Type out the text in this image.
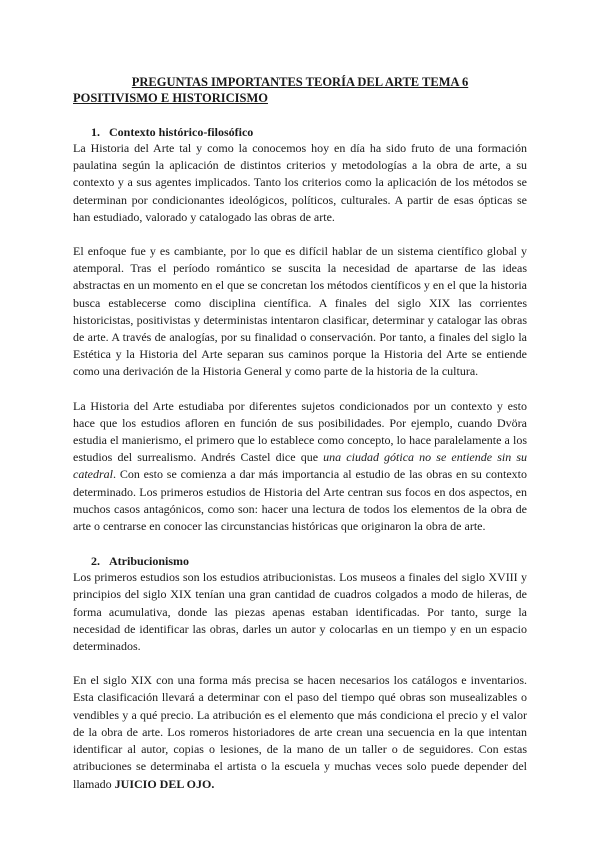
PREGUNTAS IMPORTANTES TEORÍA DEL ARTE TEMA 6
POSITIVISMO E HISTORICISMO
1. Contexto histórico-filosófico

La Historia del Arte tal y como la conocemos hoy en día ha sido fruto de una formación paulatina según la aplicación de distintos criterios y metodologías a la obra de arte, a su contexto y a sus agentes implicados. Tanto los criterios como la aplicación de los métodos se determinan por condicionantes ideológicos, políticos, culturales. A partir de esas ópticas se han estudiado, valorado y catalogado las obras de arte.

El enfoque fue y es cambiante, por lo que es difícil hablar de un sistema científico global y atemporal. Tras el período romántico se suscita la necesidad de apartarse de las ideas abstractas en un momento en el que se concretan los métodos científicos y en el que la historia busca establecerse como disciplina científica. A finales del siglo XIX las corrientes historicistas, positivistas y deterministas intentaron clasificar, determinar y catalogar las obras de arte. A través de analogías, por su finalidad o conservación. Por tanto, a finales del siglo la Estética y la Historia del Arte separan sus caminos porque la Historia del Arte se entiende como una derivación de la Historia General y como parte de la historia de la cultura.

La Historia del Arte estudiaba por diferentes sujetos condicionados por un contexto y esto hace que los estudios afloren en función de sus posibilidades. Por ejemplo, cuando Dvöra estudia el manierismo, el primero que lo establece como concepto, lo hace paralelamente a los estudios del surrealismo. Andrés Castel dice que una ciudad gótica no se entiende sin su catedral. Con esto se comienza a dar más importancia al estudio de las obras en su contexto determinado. Los primeros estudios de Historia del Arte centran sus focos en dos aspectos, en muchos casos antagónicos, como son: hacer una lectura de todos los elementos de la obra de arte o centrarse en conocer las circunstancias históricas que originaron la obra de arte.

2. Atribucionismo

Los primeros estudios son los estudios atribucionistas. Los museos a finales del siglo XVIII y principios del siglo XIX tenían una gran cantidad de cuadros colgados a modo de hileras, de forma acumulativa, donde las piezas apenas estaban identificadas. Por tanto, surge la necesidad de identificar las obras, darles un autor y colocarlas en un tiempo y en un espacio determinados.

En el siglo XIX con una forma más precisa se hacen necesarios los catálogos e inventarios. Esta clasificación llevará a determinar con el paso del tiempo qué obras son musealizables o vendibles y a qué precio. La atribución es el elemento que más condiciona el precio y el valor de la obra de arte. Los romeros historiadores de arte crean una secuencia en la que intentan identificar al autor, copias o lesiones, de la mano de un taller o de seguidores. Con estas atribuciones se determinaba el artista o la escuela y muchas veces solo puede depender del llamado JUICIO DEL OJO.
